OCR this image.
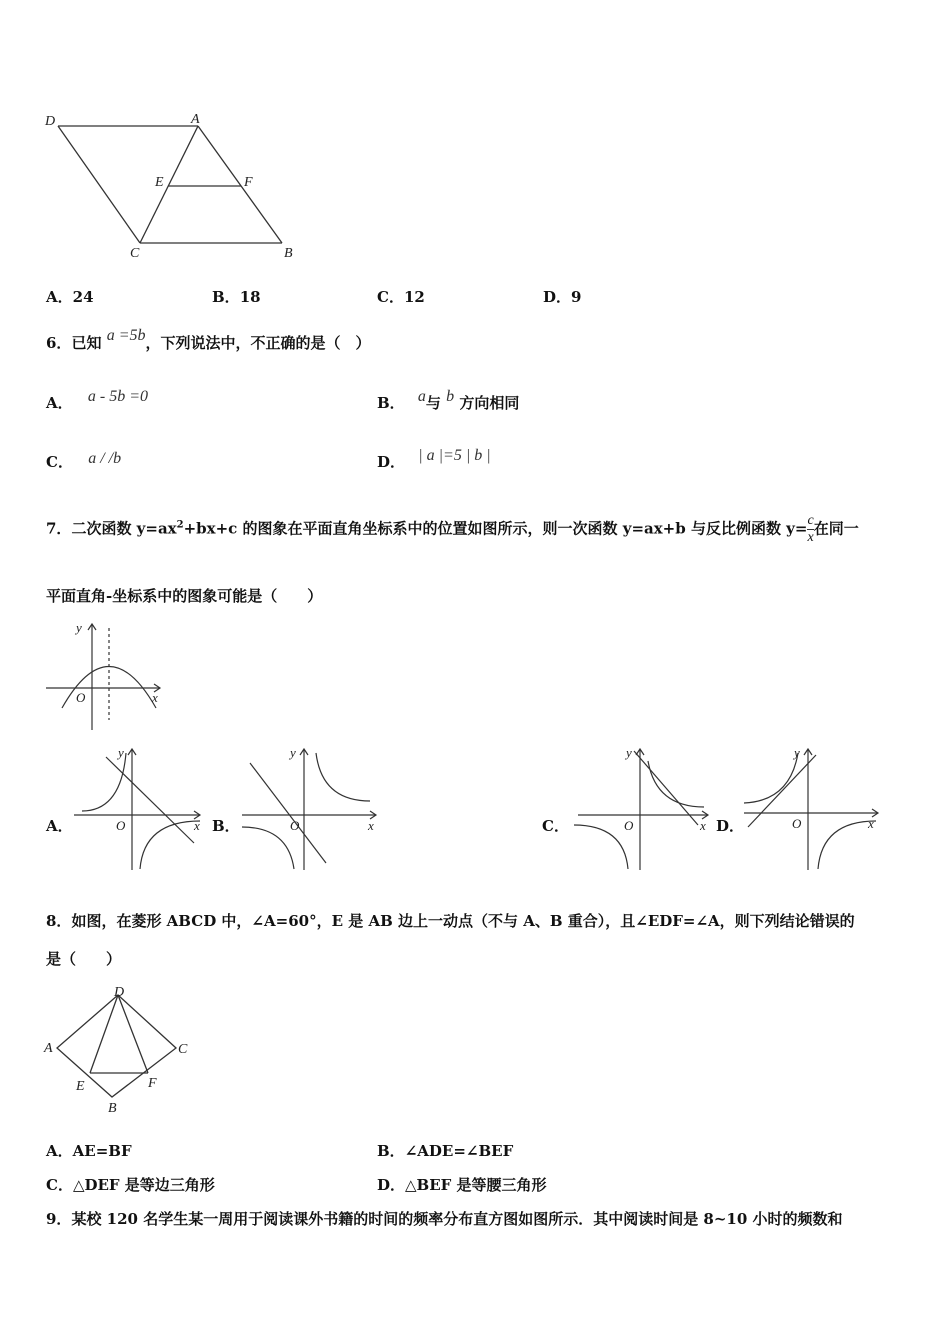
D	A
E	F
C	B
A．24	B．18	C．12	D．9
6．已知 a =5b，下列说法中，不正确的是（　）
A． a - 5b =0	B． a与 b 方向相同
C． a / /b	D． | a |=5 | b |
7．二次函数 $y=ax^2+bx+c$ 的图象在平面直角坐标系中的位置如图所示，则一次函数 y=ax+b 与反比例函数 $y= \frac{c}{x}$ 在同一
平面直角-坐标系中的图象可能是（　　）
y
x
O
A．
y
O	x B．
y
O	x	C．
y
O	x D．
y
O	x
8．如图，在菱形 ABCD 中，∠A=60°，E 是 AB 边上一动点（不与 A、B 重合），且∠EDF=∠A，则下列结论错误的
是（　　）
D
A	C
E	F
B
A．AE=BF	B．∠ADE=∠BEF
C．△DEF 是等边三角形	D．△BEF 是等腰三角形
9．某校 120 名学生某一周用于阅读课外书籍的时间的频率分布直方图如图所示．其中阅读时间是 8~10 小时的频数和
